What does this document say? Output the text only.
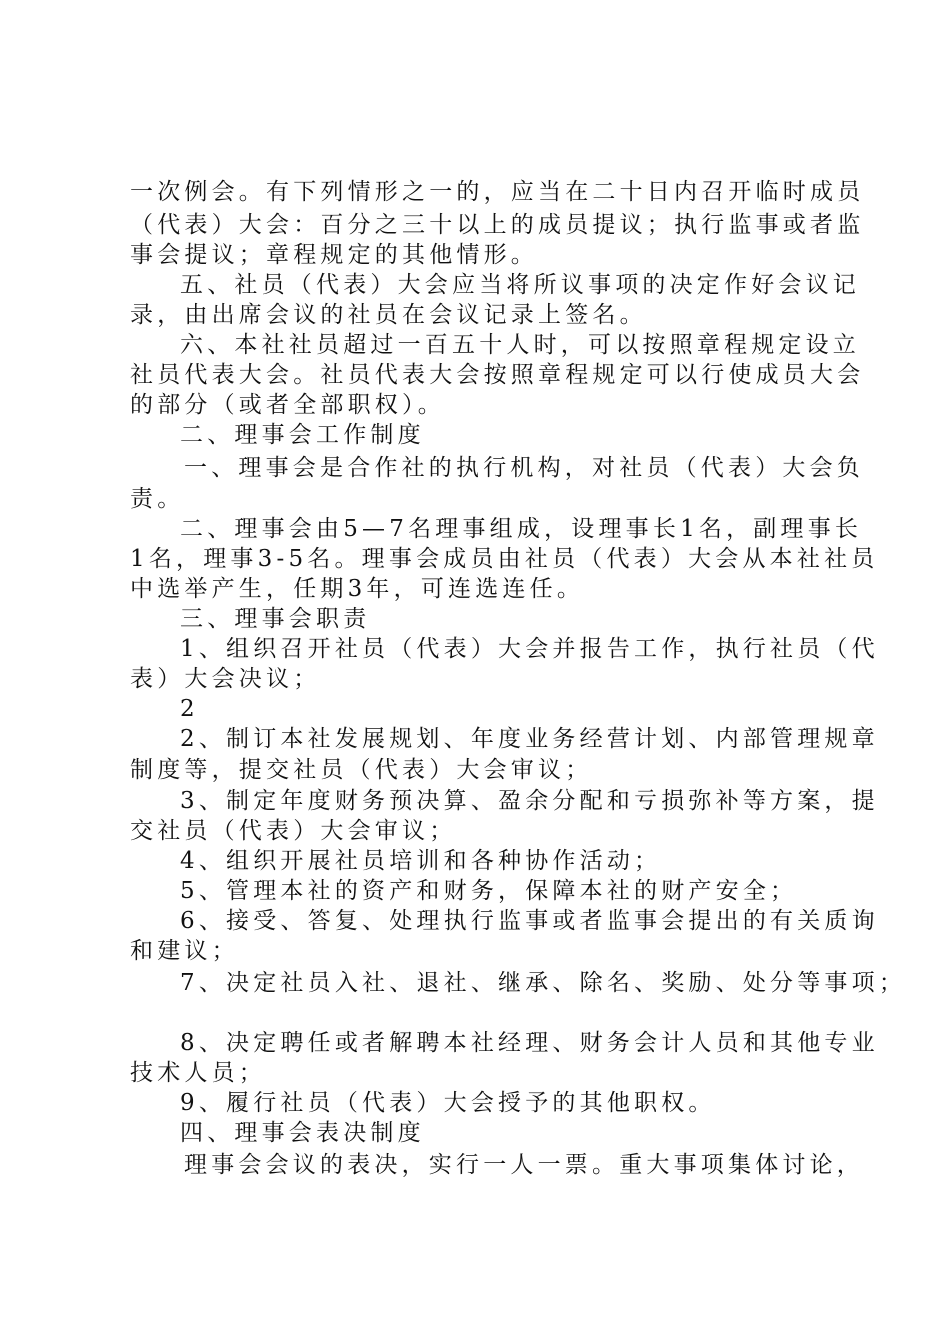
一次例会。有下列情形之一的，应当在二十日内召开临时成员

（代表）大会：百分之三十以上的成员提议；执行监事或者监

事会提议；章程规定的其他情形。

五、社员（代表）大会应当将所议事项的决定作好会议记

录，由出席会议的社员在会议记录上签名。

六、本社社员超过一百五十人时，可以按照章程规定设立

社员代表大会。社员代表大会按照章程规定可以行使成员大会

的部分（或者全部职权）。

二、理事会工作制度

一、理事会是合作社的执行机构，对社员（代表）大会负

责。

二、理事会由5—7名理事组成，设理事长1名，副理事长

1名，理事3-5名。理事会成员由社员（代表）大会从本社社员

中选举产生，任期3年，可连选连任。

三、理事会职责

1、组织召开社员（代表）大会并报告工作，执行社员（代

表）大会决议；

2

2、制订本社发展规划、年度业务经营计划、内部管理规章

制度等，提交社员（代表）大会审议；

3、制定年度财务预决算、盈余分配和亏损弥补等方案，提

交社员（代表）大会审议；

4、组织开展社员培训和各种协作活动；

5、管理本社的资产和财务，保障本社的财产安全；

6、接受、答复、处理执行监事或者监事会提出的有关质询

和建议；

7、决定社员入社、退社、继承、除名、奖励、处分等事项；

8、决定聘任或者解聘本社经理、财务会计人员和其他专业

技术人员；

9、履行社员（代表）大会授予的其他职权。

四、理事会表决制度

理事会会议的表决，实行一人一票。重大事项集体讨论，
